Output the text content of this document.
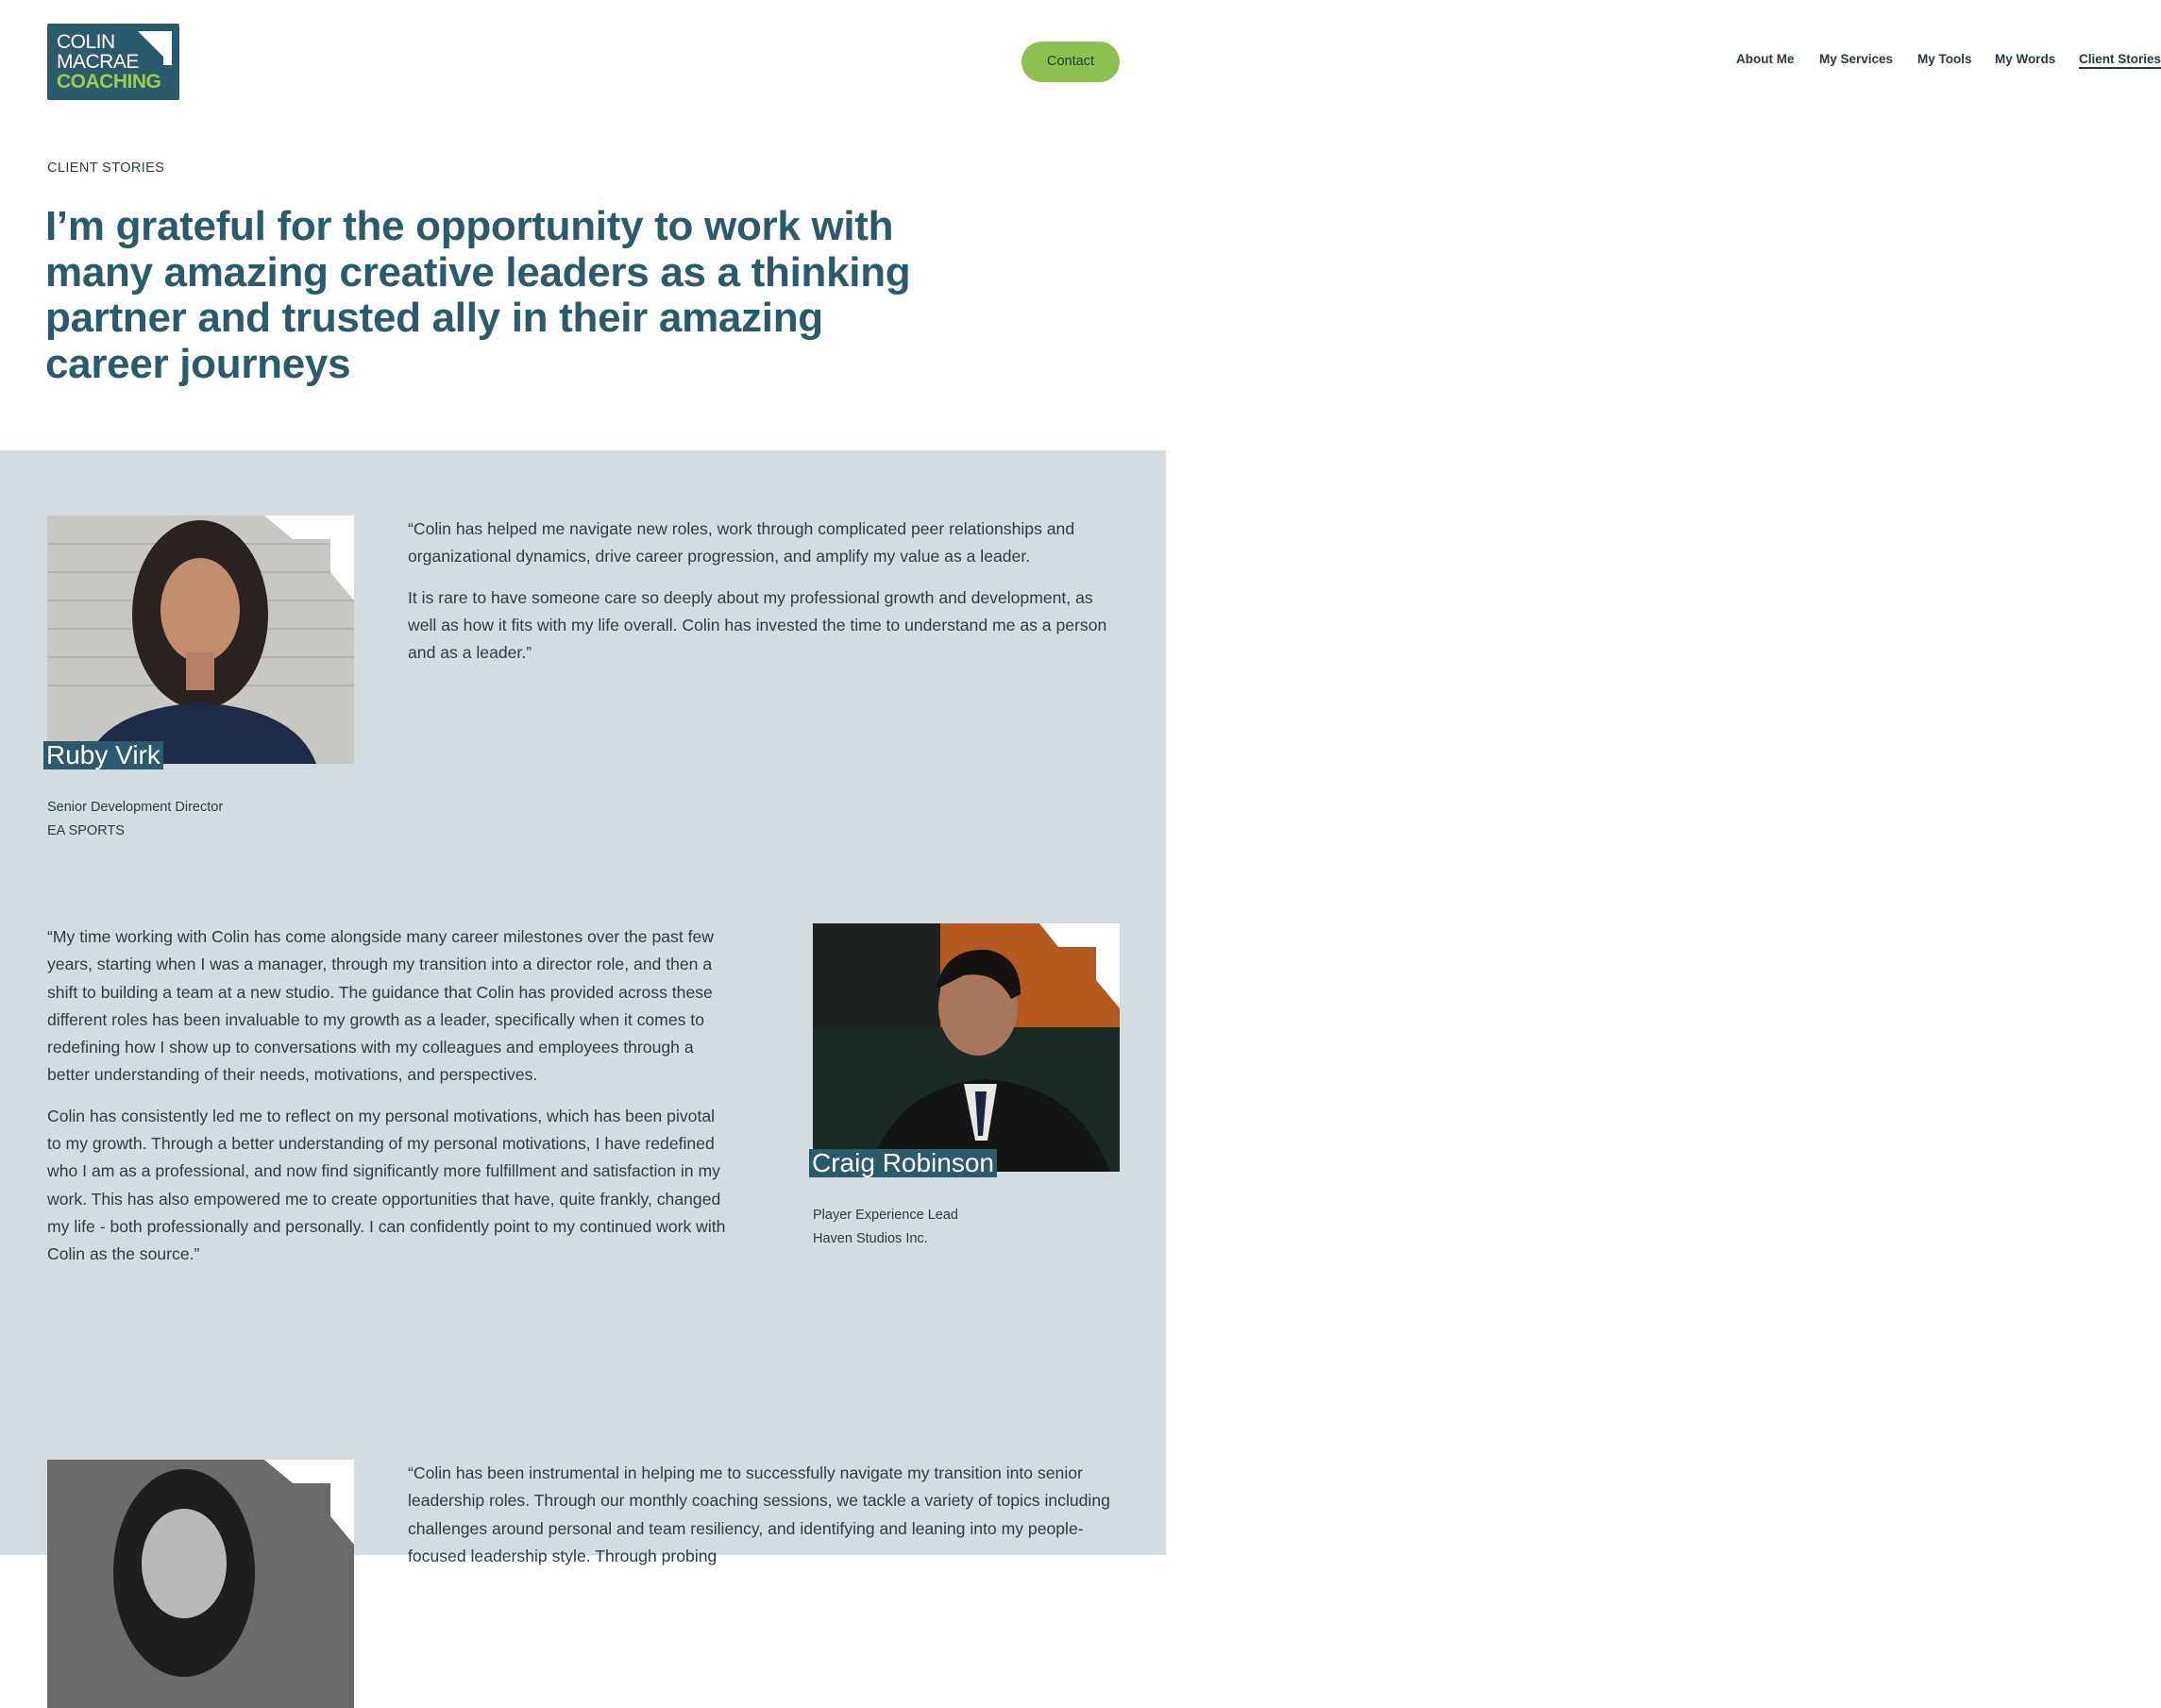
COLIN
MACRAE
COACHING
About Me My Services My Tools My Words Client Stories
Contact
CLIENT STORIES
I’m grateful for the opportunity to work with many amazing creative leaders as a thinking partner and trusted ally in their amazing career journeys
Ruby Virk
Senior Development Director
EA SPORTS

“Colin has helped me navigate new roles, work through complicated peer relationships and organizational dynamics, drive career progression, and amplify my value as a leader.

It is rare to have someone care so deeply about my professional growth and development, as well as how it fits with my life overall. Colin has invested the time to understand me as a person and as a leader.”

“My time working with Colin has come alongside many career milestones over the past few years, starting when I was a manager, through my transition into a director role, and then a shift to building a team at a new studio. The guidance that Colin has provided across these different roles has been invaluable to my growth as a leader, specifically when it comes to redefining how I show up to conversations with my colleagues and employees through a better understanding of their needs, motivations, and perspectives.

Colin has consistently led me to reflect on my personal motivations, which has been pivotal to my growth. Through a better understanding of my personal motivations, I have redefined who I am as a professional, and now find significantly more fulfillment and satisfaction in my work. This has also empowered me to create opportunities that have, quite frankly, changed my life - both professionally and personally. I can confidently point to my continued work with Colin as the source.”

Craig Robinson
Player Experience Lead
Haven Studios Inc.

“Colin has been instrumental in helping me to successfully navigate my transition into senior leadership roles. Through our monthly coaching sessions, we tackle a variety of topics including challenges around personal and team resiliency, and identifying and leaning into my people-focused leadership style. Through probing
